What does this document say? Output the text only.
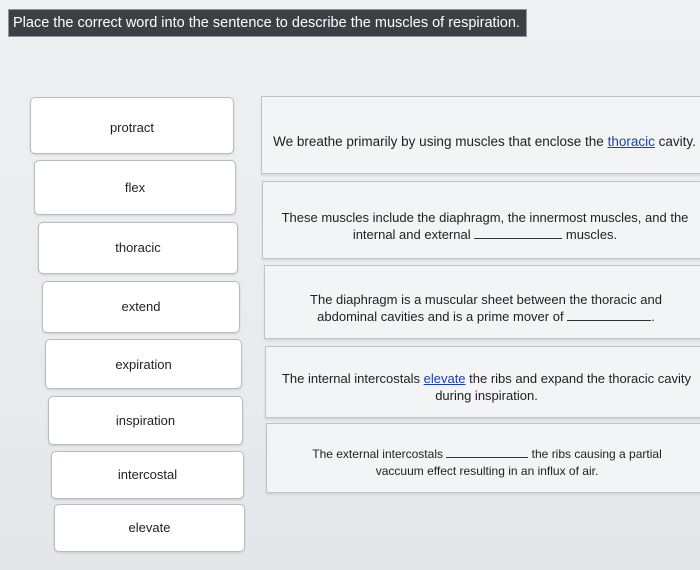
Place the correct word into the sentence to describe the muscles of respiration.
protract
flex
thoracic
extend
expiration
inspiration
intercostal
elevate
We breathe primarily by using muscles that enclose the thoracic cavity.
These muscles include the diaphragm, the innermost muscles, and the internal and external	muscles.
The diaphragm is a muscular sheet between the thoracic and abdominal cavities and is a prime mover of	.
The internal intercostals elevate the ribs and expand the thoracic cavity during inspiration.
The external intercostals	the ribs causing a partial vaccuum effect resulting in an influx of air.
